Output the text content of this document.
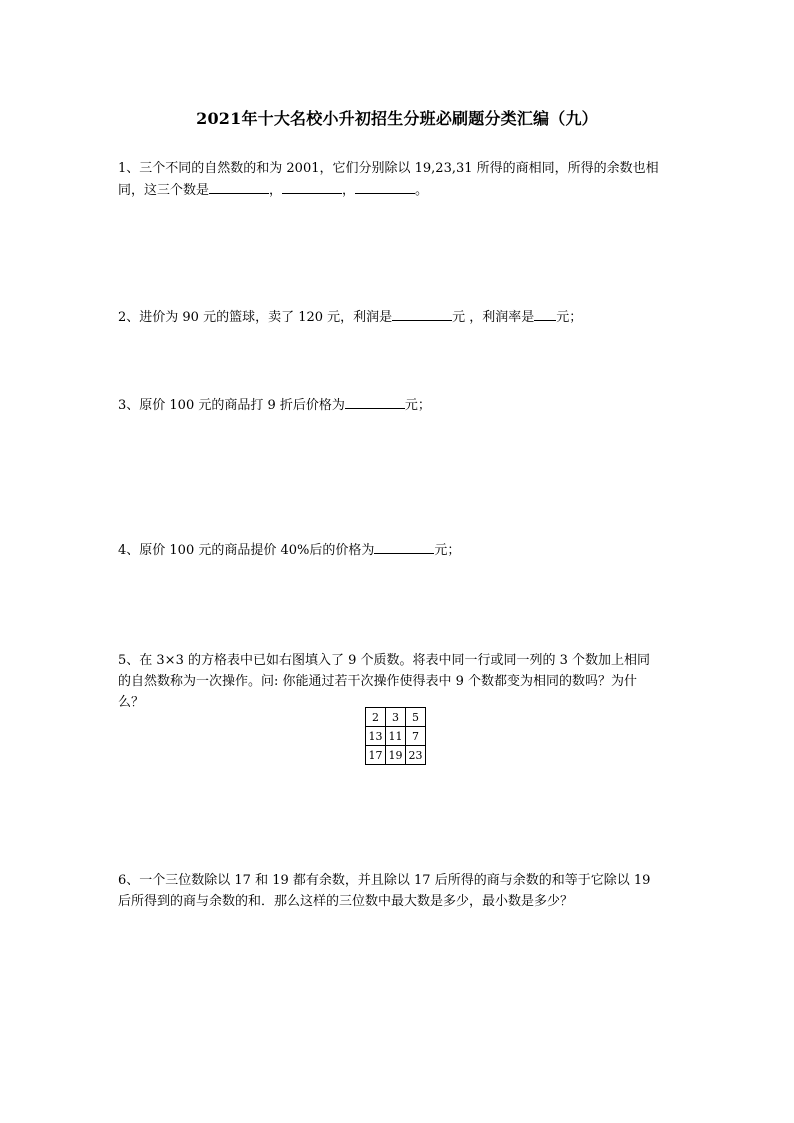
2021年十大名校小升初招生分班必刷题分类汇编（九）
1、三个不同的自然数的和为 2001，它们分别除以 19,23,31 所得的商相同，所得的余数也相
同，这三个数是	，	，	。
2、进价为 90 元的篮球，卖了 120 元，利润是	元 ，利润率是 元；
3、原价 100 元的商品打 9 折后价格为	元；
4、原价 100 元的商品提价 40%后的价格为	元；
5、在 3×3 的方格表中已如右图填入了 9 个质数。将表中同一行或同一列的 3 个数加上相同
的自然数称为一次操作。问: 你能通过若干次操作使得表中 9 个数都变为相同的数吗？为什
么？
2	3	5
13	11	7
17	19	23
6、一个三位数除以 17 和 19 都有余数，并且除以 17 后所得的商与余数的和等于它除以 19
后所得到的商与余数的和．那么这样的三位数中最大数是多少，最小数是多少？
